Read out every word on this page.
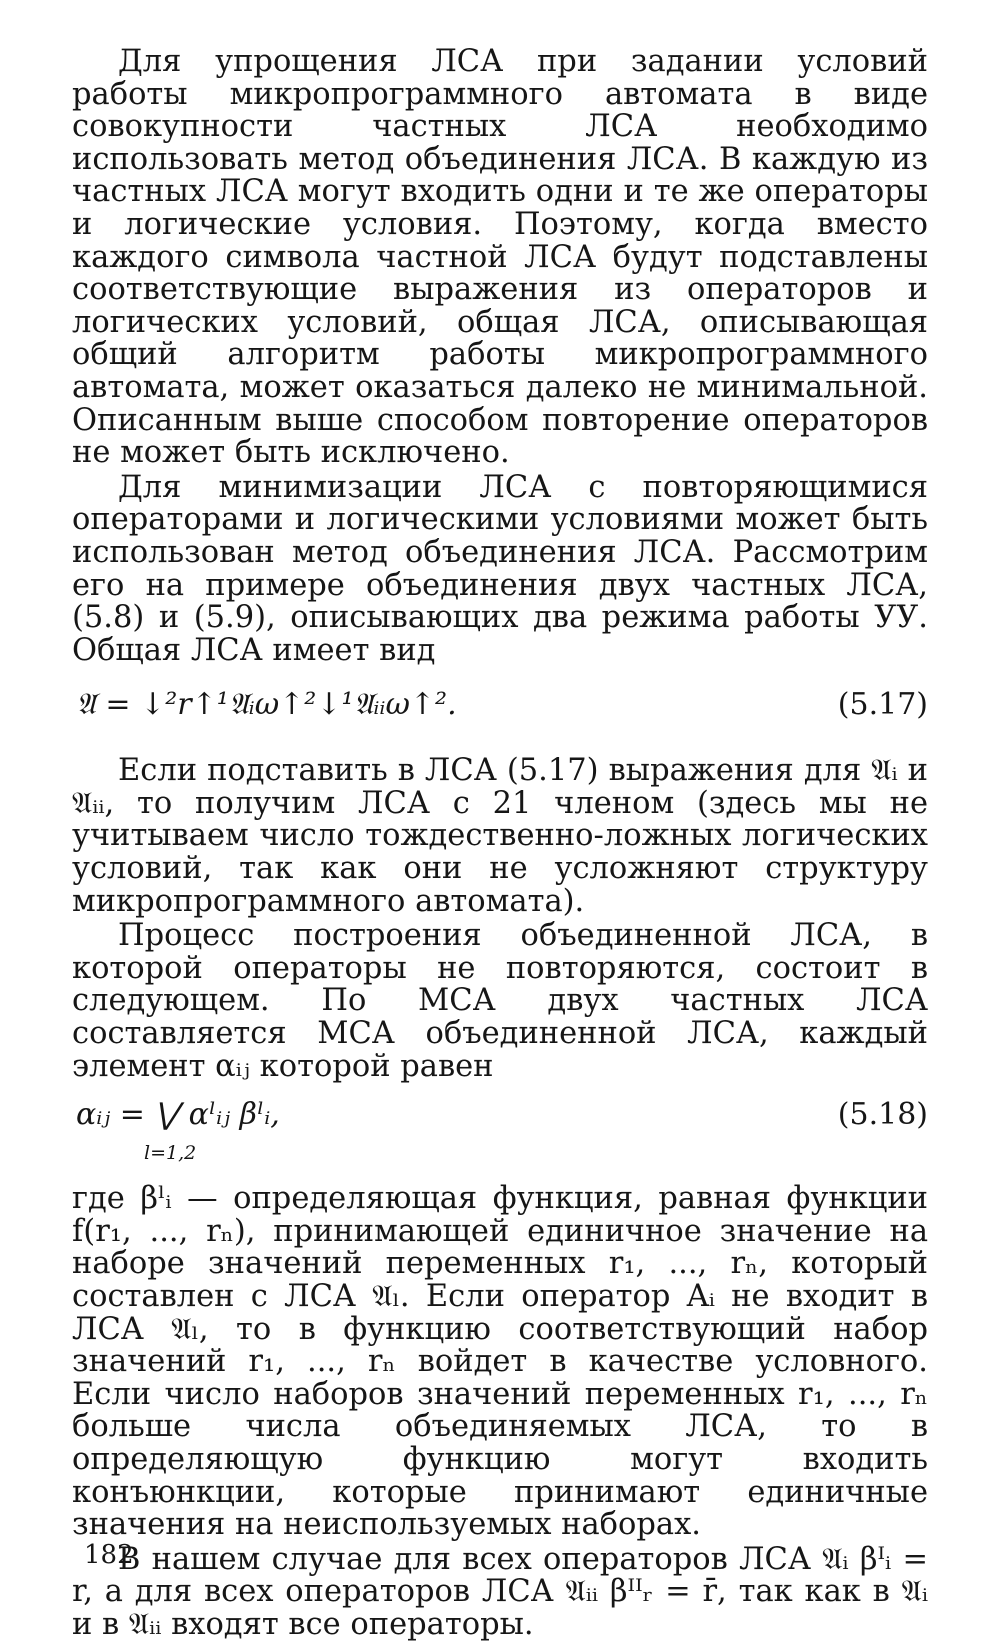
Для упрощения ЛСА при задании условий работы микропрограммного автомата в виде совокупности частных ЛСА необходимо использовать метод объединения ЛСА. В каждую из частных ЛСА могут входить одни и те же операторы и логические условия. Поэтому, когда вместо каждого символа частной ЛСА будут подставлены соответствующие выражения из операторов и логических условий, общая ЛСА, описывающая общий алгоритм работы микропрограммного автомата, может оказаться далеко не минимальной. Описанным выше способом повторение операторов не может быть исключено.

Для минимизации ЛСА с повторяющимися операторами и логическими условиями может быть использован метод объединения ЛСА. Рассмотрим его на примере объединения двух частных ЛСА, (5.8) и (5.9), описывающих два режима работы УУ. Общая ЛСА имеет вид

𝔄 = ↓²r↑¹𝔄ᵢω↑²↓¹𝔄ᵢᵢω↑².	(5.17)

Если подставить в ЛСА (5.17) выражения для 𝔄ᵢ и 𝔄ᵢᵢ, то получим ЛСА с 21 членом (здесь мы не учитываем число тождественно-ложных логических условий, так как они не усложняют структуру микропрограммного автомата).

Процесс построения объединенной ЛСА, в которой операторы не повторяются, состоит в следующем. По МСА двух частных ЛСА составляется МСА объединенной ЛСА, каждый элемент αᵢⱼ которой равен

αᵢⱼ = ⋁ αˡᵢⱼ βˡᵢ,
l=1,2
(5.18)

где βˡᵢ — определяющая функция, равная функции f(r₁, ..., rₙ), принимающей единичное значение на наборе значений переменных r₁, ..., rₙ, который составлен с ЛСА 𝔄ₗ. Если оператор Aᵢ не входит в ЛСА 𝔄ₗ, то в функцию соответствующий набор значений r₁, ..., rₙ войдет в качестве условного. Если число наборов значений переменных r₁, ..., rₙ больше числа объединяемых ЛСА, то в определяющую функцию могут входить конъюнкции, которые принимают единичные значения на неиспользуемых наборах.

В нашем случае для всех операторов ЛСА 𝔄ᵢ βᴵᵢ = r, а для всех операторов ЛСА 𝔄ᵢᵢ βᴵᴵᵣ = r̄, так как в 𝔄ᵢ и в 𝔄ᵢᵢ входят все операторы.

182
